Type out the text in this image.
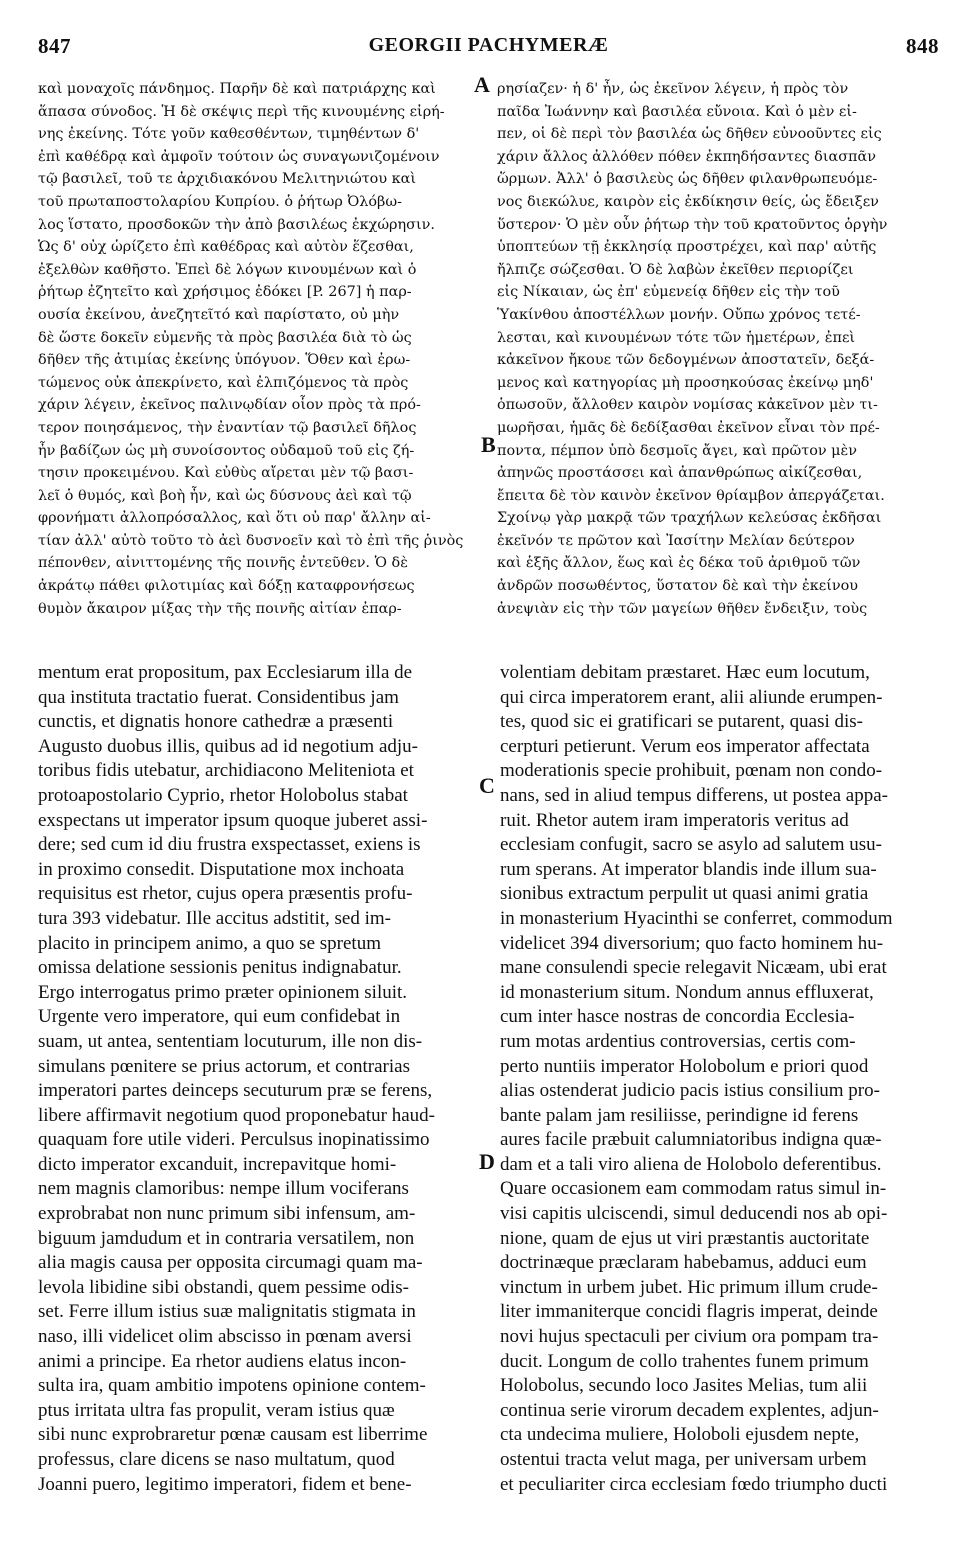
847	GEORGII PACHYMERÆ	848
καὶ μοναχοῖς πάνδημος. Παρῆν δὲ καὶ πατριάρχης καὶ
ἅπασα σύνοδος. Ἡ δὲ σκέψις περὶ τῆς κινουμένης εἰρή-
νης ἐκείνης. Τότε γοῦν καθεσθέντων, τιμηθέντων δ'
ἐπὶ καθέδρᾳ καὶ ἀμφοῖν τούτοιν ὡς συναγωνιζομένοιν
τῷ βασιλεῖ, τοῦ τε ἀρχιδιακόνου Μελιτηνιώτου καὶ
τοῦ πρωταποστολαρίου Κυπρίου. ὁ ῥήτωρ Ὀλόβω-
λος ἵστατο, προσδοκῶν τὴν ἀπὸ βασιλέως ἐκχώρησιν.
Ὡς δ' οὐχ ὡρίζετο ἐπὶ καθέδρας καὶ αὐτὸν ἕζεσθαι,
ἐξελθὼν καθῆστο. Ἐπεὶ δὲ λόγων κινουμένων καὶ ὁ
ῥήτωρ ἐζητεῖτο καὶ χρήσιμος ἐδόκει [P. 267] ἡ παρ-
ουσία ἐκείνου, ἀνεζητεῖτό καὶ παρίστατο, οὐ μὴν
δὲ ὥστε δοκεῖν εὐμενῆς τὰ πρὸς βασιλέα διὰ τὸ ὡς
δῆθεν τῆς ἀτιμίας ἐκείνης ὑπόγυον. Ὅθεν καὶ ἐρω-
τώμενος οὐκ ἀπεκρίνετο, καὶ ἐλπιζόμενος τὰ πρὸς
χάριν λέγειν, ἐκεῖνος παλινῳδίαν οἷον πρὸς τὰ πρό-
τερον ποιησάμενος, τὴν ἐναντίαν τῷ βασιλεῖ δῆλος
ἦν βαδίζων ὡς μὴ συνοίσοντος οὐδαμοῦ τοῦ εἰς ζή-
τησιν προκειμένου. Καὶ εὐθὺς αἴρεται μὲν τῷ βασι-
λεῖ ὁ θυμός, καὶ βοὴ ἦν, καὶ ὡς δύσνους ἀεὶ καὶ τῷ
φρονήματι ἀλλοπρόσαλλος, καὶ ὅτι οὐ παρ' ἄλλην αἰ-
τίαν ἀλλ' αὐτὸ τοῦτο τὸ ἀεὶ δυσνοεῖν καὶ τὸ ἐπὶ τῆς ῥινὸς
πέπονθεν, αἰνιττομένης τῆς ποινῆς ἐντεῦθεν. Ὁ δὲ
ἀκράτῳ πάθει φιλοτιμίας καὶ δόξῃ καταφρονήσεως
θυμὸν ἄκαιρον μίξας τὴν τῆς ποινῆς αἰτίαν ἐπαρ-
ρησίαζεν· ἡ δ' ἦν, ὡς ἐκεῖνον λέγειν, ἡ πρὸς τὸν
παῖδα Ἰωάννην καὶ βασιλέα εὔνοια. Καὶ ὁ μὲν εἰ-
πεν, οἱ δὲ περὶ τὸν βασιλέα ὡς δῆθεν εὐνοοῦντες εἰς
χάριν ἄλλος ἀλλόθεν πόθεν ἐκπηδήσαντες διασπᾶν
ὥρμων. Ἀλλ' ὁ βασιλεὺς ὡς δῆθεν φιλανθρωπευόμε-
νος διεκώλυε, καιρὸν εἰς ἐκδίκησιν θείς, ὡς ἔδειξεν
ὕστερον· Ὁ μὲν οὖν ῥήτωρ τὴν τοῦ κρατοῦντος ὀργὴν
ὑποπτεύων τῇ ἐκκλησίᾳ προστρέχει, καὶ παρ' αὐτῆς
ἤλπιζε σώζεσθαι. Ὁ δὲ λαβὼν ἐκεῖθεν περιορίζει
εἰς Νίκαιαν, ὡς ἐπ' εὐμενείᾳ δῆθεν εἰς τὴν τοῦ
Ὑακίνθου ἀποστέλλων μονήν. Οὔπω χρόνος τετέ-
λεσται, καὶ κινουμένων τότε τῶν ἡμετέρων, ἐπεὶ
κἀκεῖνον ἤκουε τῶν δεδογμένων ἀποστατεῖν, δεξά-
μενος καὶ κατηγορίας μὴ προσηκούσας ἐκείνῳ μηδ'
ὁπωσοῦν, ἄλλοθεν καιρὸν νομίσας κἀκεῖνον μὲν τι-
μωρῆσαι, ἡμᾶς δὲ δεδίξασθαι ἐκεῖνον εἶναι τὸν πρέ-
ποντα, πέμπον ὑπὸ δεσμοῖς ἄγει, καὶ πρῶτον μὲν
ἀπηνῶς προστάσσει καὶ ἀπανθρώπως αἰκίζεσθαι,
ἔπειτα δὲ τὸν καινὸν ἐκεῖνον θρίαμβον ἀπεργάζεται.
Σχοίνῳ γὰρ μακρᾷ τῶν τραχήλων κελεύσας ἐκδῆσαι
ἐκεῖνόν τε πρῶτον καὶ Ἰασίτην Μελίαν δεύτερον
καὶ ἑξῆς ἄλλον, ἕως καὶ ἐς δέκα τοῦ ἀριθμοῦ τῶν
ἀνδρῶν ποσωθέντος, ὕστατον δὲ καὶ τὴν ἐκείνου
ἀνεψιὰν εἰς τὴν τῶν μαγείων θῆθεν ἔνδειξιν, τοὺς
mentum erat propositum, pax Ecclesiarum illa de
qua instituta tractatio fuerat. Considentibus jam
cunctis, et dignatis honore cathedræ a præsenti
Augusto duobus illis, quibus ad id negotium adju-
toribus fidis utebatur, archidiacono Meliteniota et
protoapostolario Cyprio, rhetor Holobolus stabat
exspectans ut imperator ipsum quoque juberet assi-
dere; sed cum id diu frustra exspectasset, exiens is
in proximo consedit. Disputatione mox inchoata
requisitus est rhetor, cujus opera præsentis profu-
tura 393 videbatur. Ille accitus adstitit, sed im-
placito in principem animo, a quo se spretum
omissa delatione sessionis penitus indignabatur.
Ergo interrogatus primo præter opinionem siluit.
Urgente vero imperatore, qui eum confidebat in
suam, ut antea, sententiam locuturum, ille non dis-
simulans pœnitere se prius actorum, et contrarias
imperatori partes deinceps secuturum præ se ferens,
libere affirmavit negotium quod proponebatur haud-
quaquam fore utile videri. Perculsus inopinatissimo
dicto imperator excanduit, increpavitque homi-
nem magnis clamoribus: nempe illum vociferans
exprobrabat non nunc primum sibi infensum, am-
biguum jamdudum et in contraria versatilem, non
alia magis causa per opposita circumagi quam ma-
levola libidine sibi obstandi, quem pessime odis-
set. Ferre illum istius suæ malignitatis stigmata in
naso, illi videlicet olim abscisso in pœnam aversi
animi a principe. Ea rhetor audiens elatus incon-
sulta ira, quam ambitio impotens opinione contem-
ptus irritata ultra fas propulit, veram istius quæ
sibi nunc exprobraretur pœnæ causam est liberrime
professus, clare dicens se naso multatum, quod
Joanni puero, legitimo imperatori, fidem et bene-
volentiam debitam præstaret. Hæc eum locutum,
qui circa imperatorem erant, alii aliunde erumpen-
tes, quod sic ei gratificari se putarent, quasi dis-
cerpturi petierunt. Verum eos imperator affectata
moderationis specie prohibuit, pœnam non condo-
nans, sed in aliud tempus differens, ut postea appa-
ruit. Rhetor autem iram imperatoris veritus ad
ecclesiam confugit, sacro se asylo ad salutem usu-
rum sperans. At imperator blandis inde illum sua-
sionibus extractum perpulit ut quasi animi gratia
in monasterium Hyacinthi se conferret, commodum
videlicet 394 diversorium; quo facto hominem hu-
mane consulendi specie relegavit Nicæam, ubi erat
id monasterium situm. Nondum annus effluxerat,
cum inter hasce nostras de concordia Ecclesia-
rum motas ardentius controversias, certis com-
perto nuntiis imperator Holobolum e priori quod
alias ostenderat judicio pacis istius consilium pro-
bante palam jam resiliisse, perindigne id ferens
aures facile præbuit calumniatoribus indigna quæ-
dam et a tali viro aliena de Holobolo deferentibus.
Quare occasionem eam commodam ratus simul in-
visi capitis ulciscendi, simul deducendi nos ab opi-
nione, quam de ejus ut viri præstantis auctoritate
doctrinæque præclaram habebamus, adduci eum
vinctum in urbem jubet. Hic primum illum crude-
liter immaniterque concidi flagris imperat, deinde
novi hujus spectaculi per civium ora pompam tra-
ducit. Longum de collo trahentes funem primum
Holobolus, secundo loco Jasites Melias, tum alii
continua serie virorum decadem explentes, adjun-
cta undecima muliere, Holoboli ejusdem nepte,
ostentui tracta velut maga, per universam urbem
et peculiariter circa ecclesiam fœdo triumpho ducti
A
B
C
D
